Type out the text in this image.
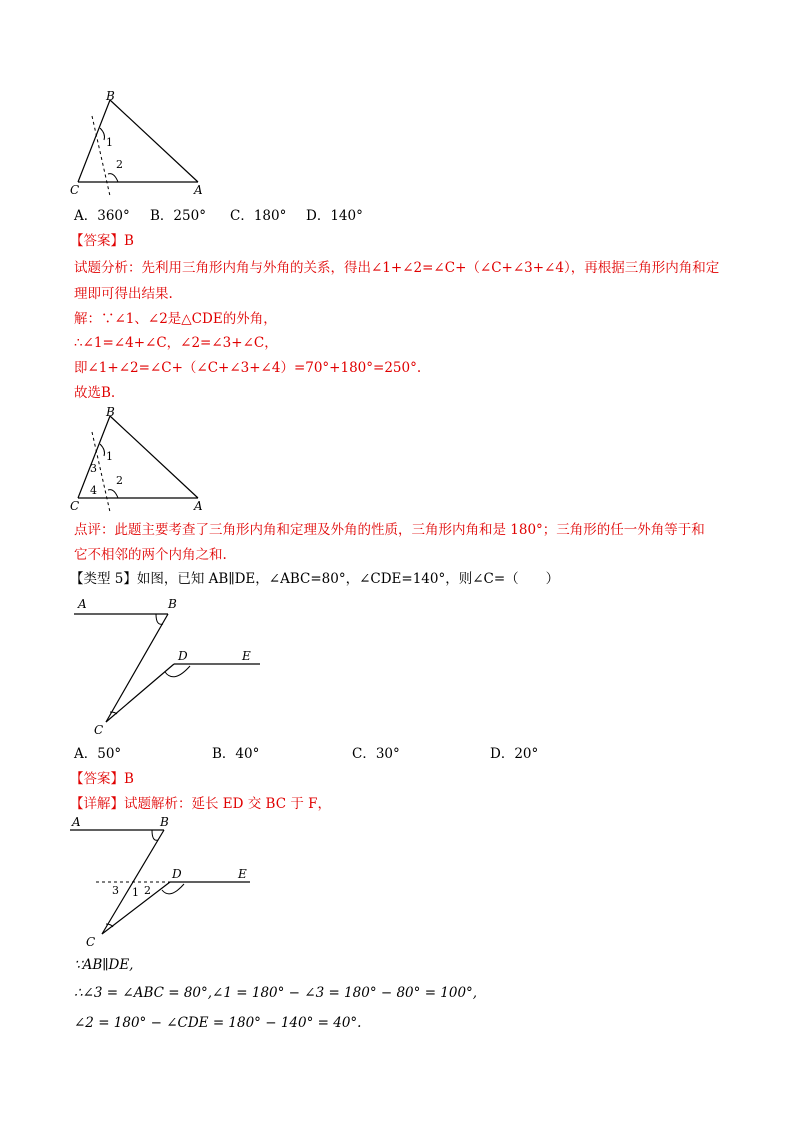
B
C	A
1
2
A．360° B．250° C．180° D．140°
【答案】B
试题分析：先利用三角形内角与外角的关系，得出∠1+∠2=∠C+（∠C+∠3+∠4），再根据三角形内角和定
理即可得出结果.
解：∵∠1、∠2是△CDE的外角，
∴∠1=∠4+∠C，∠2=∠3+∠C，
即∠1+∠2=∠C+（∠C+∠3+∠4）=70°+180°=250°.
故选B.
B
C	A
1
2
3
4
点评：此题主要考查了三角形内角和定理及外角的性质，三角形内角和是 180°；三角形的任一外角等于和
它不相邻的两个内角之和.
【类型 5】如图，已知 AB∥DE，∠ABC=80°，∠CDE=140°，则∠C=（　　）
A	B
C
D	E
A．50°	B．40°	C．30°	D．20°
【答案】B
【详解】试题解析：延长 ED 交 BC 于 F，
A	B
C
D	E
1 2
3
∵AB∥DE,
∴∠3 = ∠ABC = 80°,∠1 = 180° − ∠3 = 180° − 80° = 100°,
∠2 = 180° − ∠CDE = 180° − 140° = 40°.
